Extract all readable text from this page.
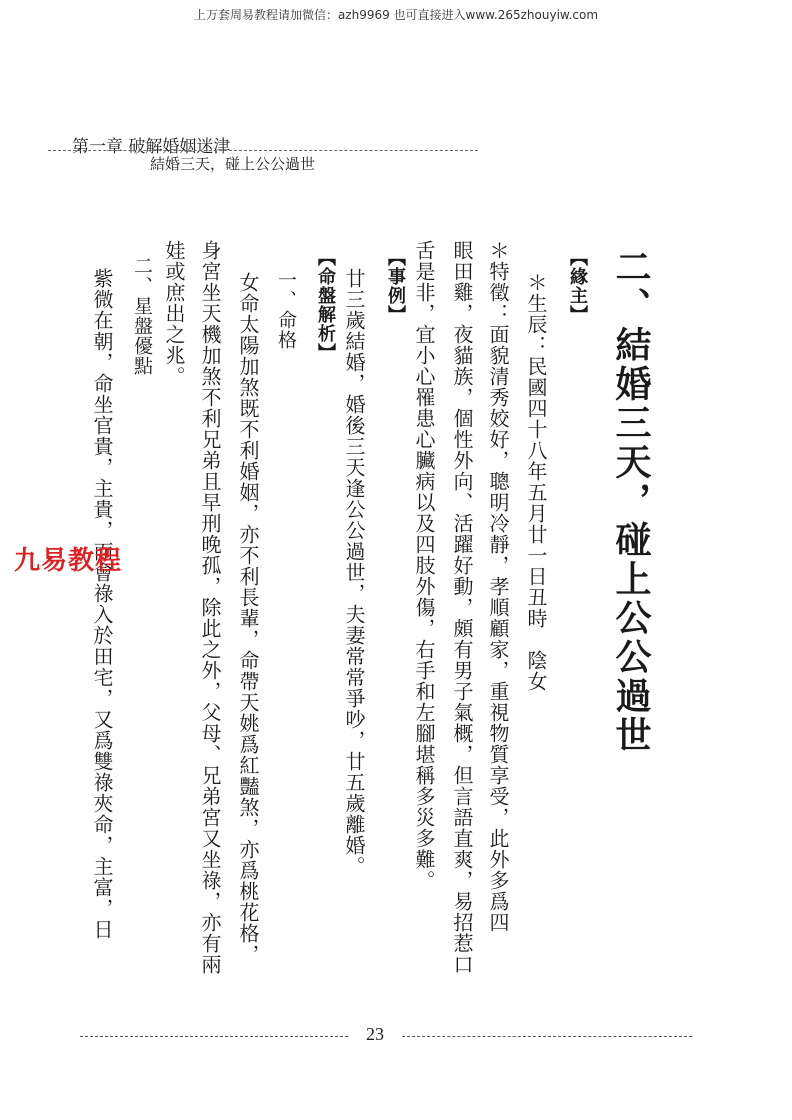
上万套周易教程请加微信：azh9969 也可直接进入www.265zhouyiw.com
第一章 破解婚姻迷津
結婚三天，碰上公公過世
二、結婚三天，碰上公公過世
【緣主】
＊生辰：民國四十八年五月廿一日丑時　陰女
＊特徵：面貌清秀姣好，聰明冷靜，孝順顧家，重視物質享受，此外多爲四
眼田雞，夜貓族，個性外向、活躍好動，頗有男子氣概，但言語直爽，易招惹口
舌是非，宜小心罹患心臟病以及四肢外傷，右手和左腳堪稱多災多難。
【事例】
廿三歲結婚，婚後三天逢公公過世，夫妻常常爭吵，廿五歲離婚。
【命盤解析】
一、命格
女命太陽加煞既不利婚姻，亦不利長輩，命帶天姚爲紅豔煞，亦爲桃花格，
身宮坐天機加煞不利兄弟且早刑晚孤，除此之外，父母、兄弟宮又坐祿，亦有兩
娃或庶出之兆。
二、星盤優點
紫微在朝，命坐官貴，主貴，而會祿入於田宅，又爲雙祿夾命，主富，日
九易教程
23
